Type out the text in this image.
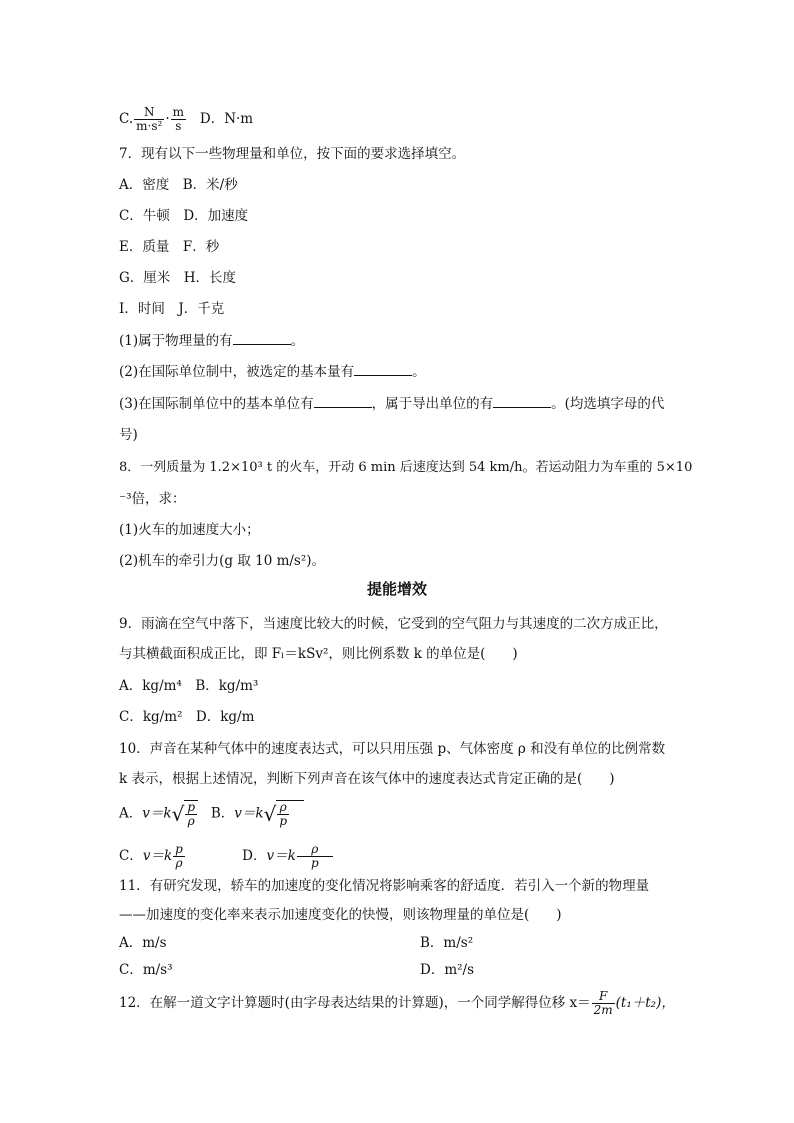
C. $\frac{N}{\text{m·s²}} \cdot \frac{m}{s}$ D．N·m
7．现有以下一些物理量和单位，按下面的要求选择填空。
A．密度　B．米/秒
C．牛顿　D．加速度
E．质量　F．秒
G．厘米　H．长度
I．时间　J．千克
(1)属于物理量的有	。
(2)在国际单位制中，被选定的基本量有	。
(3)在国际制单位中的基本单位有	，属于导出单位的有	。(均选填字母的代
号)
8．一列质量为 1.2×10³ t 的火车，开动 6 min 后速度达到 54 km/h。若运动阻力为车重的 5×10
⁻³倍，求：
(1)火车的加速度大小；
(2)机车的牵引力(g 取 10 m/s²)。
提能增效
9．雨滴在空气中落下，当速度比较大的时候，它受到的空气阻力与其速度的二次方成正比，
与其横截面积成正比，即 Fₗ＝kSv²，则比例系数 k 的单位是(　　)
A．kg/m⁴　B．kg/m³
C．kg/m²　D．kg/m
10．声音在某种气体中的速度表达式，可以只用压强 p、气体密度 ρ 和没有单位的比例常数
k 表示，根据上述情况，判断下列声音在该气体中的速度表达式肯定正确的是(　　)
A．v＝k √ $\frac{p}{\rho}$ B．v＝k √ $\frac{\rho}{p}$
C．$v=k \frac{p}{\rho}$	D．$v=k \frac{\rho}{p}$
11．有研究发现，轿车的加速度的变化情况将影响乘客的舒适度．若引入一个新的物理量
——加速度的变化率来表示加速度变化的快慢，则该物理量的单位是(　　)
A．m/s	B．m/s²
C．m/s³	D．m²/s
12．在解一道文字计算题时(由字母表达结果的计算题)，一个同学解得位移 $x= \frac{F}{2m} (t_1+t_2)$，
